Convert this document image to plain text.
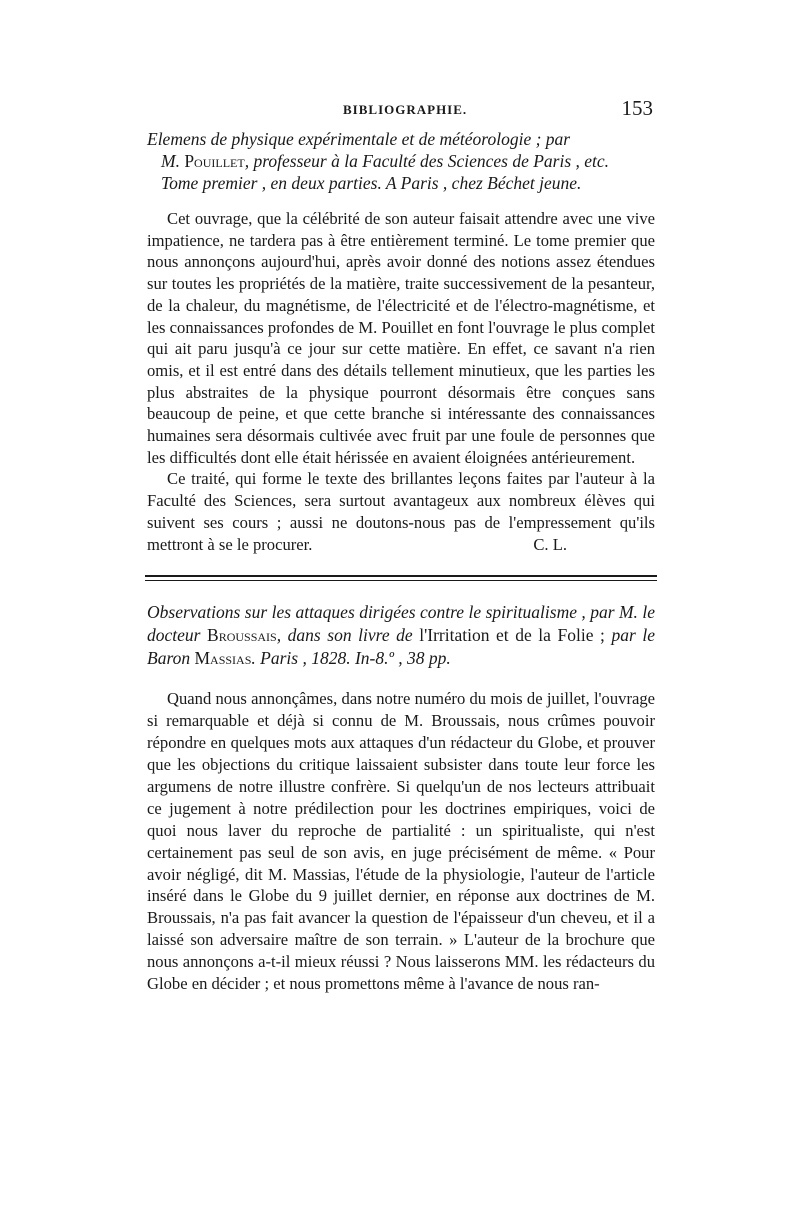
BIBLIOGRAPHIE.	153
Elemens de physique expérimentale et de météorologie ; par
M. Pouillet, professeur à la Faculté des Sciences de Paris , etc.
Tome premier , en deux parties. A Paris , chez Béchet jeune.

Cet ouvrage, que la célébrité de son auteur faisait attendre avec une vive impatience, ne tardera pas à être entièrement terminé. Le tome premier que nous annonçons aujourd'hui, après avoir donné des notions assez étendues sur toutes les propriétés de la matière, traite successivement de la pesanteur, de la chaleur, du magnétisme, de l'électricité et de l'électro-magnétisme, et les connaissances profondes de M. Pouillet en font l'ouvrage le plus complet qui ait paru jusqu'à ce jour sur cette matière. En effet, ce savant n'a rien omis, et il est entré dans des détails tellement minutieux, que les parties les plus abstraites de la physique pourront désormais être conçues sans beaucoup de peine, et que cette branche si intéressante des connaissances humaines sera désormais cultivée avec fruit par une foule de personnes que les difficultés dont elle était hérissée en avaient éloignées antérieurement.

Ce traité, qui forme le texte des brillantes leçons faites par l'auteur à la Faculté des Sciences, sera surtout avantageux aux nombreux élèves qui suivent ses cours ; aussi ne doutons-nous pas de l'empressement qu'ils mettront à se le procurer.	C. L.

Observations sur les attaques dirigées contre le spiritualisme , par M. le docteur Broussais, dans son livre de l'Irritation et de la Folie ; par le Baron Massias. Paris , 1828. In-8.º , 38 pp.

Quand nous annonçâmes, dans notre numéro du mois de juillet, l'ouvrage si remarquable et déjà si connu de M. Broussais, nous crûmes pouvoir répondre en quelques mots aux attaques d'un rédacteur du Globe, et prouver que les objections du critique laissaient subsister dans toute leur force les argumens de notre illustre confrère. Si quelqu'un de nos lecteurs attribuait ce jugement à notre prédilection pour les doctrines empiriques, voici de quoi nous laver du reproche de partialité : un spiritualiste, qui n'est certainement pas seul de son avis, en juge précisément de même. « Pour avoir négligé, dit M. Massias, l'étude de la physiologie, l'auteur de l'article inséré dans le Globe du 9 juillet dernier, en réponse aux doctrines de M. Broussais, n'a pas fait avancer la question de l'épaisseur d'un cheveu, et il a laissé son adversaire maître de son terrain. » L'auteur de la brochure que nous annonçons a-t-il mieux réussi ? Nous laisserons MM. les rédacteurs du Globe en décider ; et nous promettons même à l'avance de nous ran-
